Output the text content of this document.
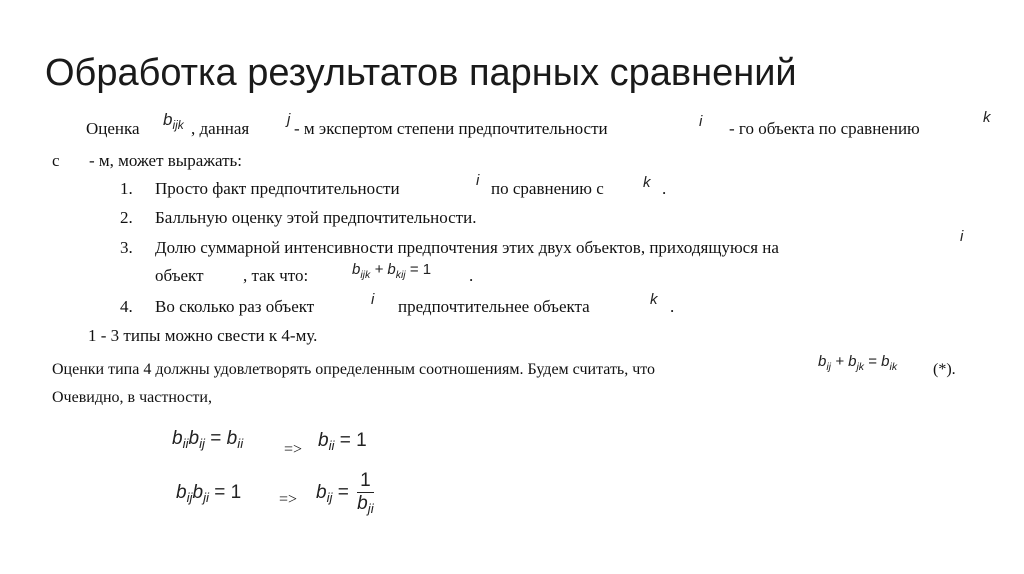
Обработка результатов парных сравнений
Оценка $b_{ijk}$ , данная	j - м экспертом степени предпочтительности	i - го объекта по сравнению
k
с - м, может выражать:
1. Просто факт предпочтительности	i по сравнению с	k .
2. Балльную оценку этой предпочтительности.
3. Долю суммарной интенсивности предпочтения этих двух объектов, приходящуюся на
i
объект , так что:	$b_{ijk} + b_{kij} = 1$ .
4. Во сколько раз объект	i предпочтительнее объекта	k .
1 - 3 типы можно свести к 4-му.
Оценки типа 4 должны удовлетворять определенным соотношениям. Будем считать, что	$b_{ij} + b_{jk} = b_{ik}$ (*).
Очевидно, в частности,
$b_{ii}b_{ij} = b_{ii}$	=> $b_{ii} = 1$
$b_{ij}b_{ji} = 1 => b_{ij} = \frac{1}{b_{ji}}$
